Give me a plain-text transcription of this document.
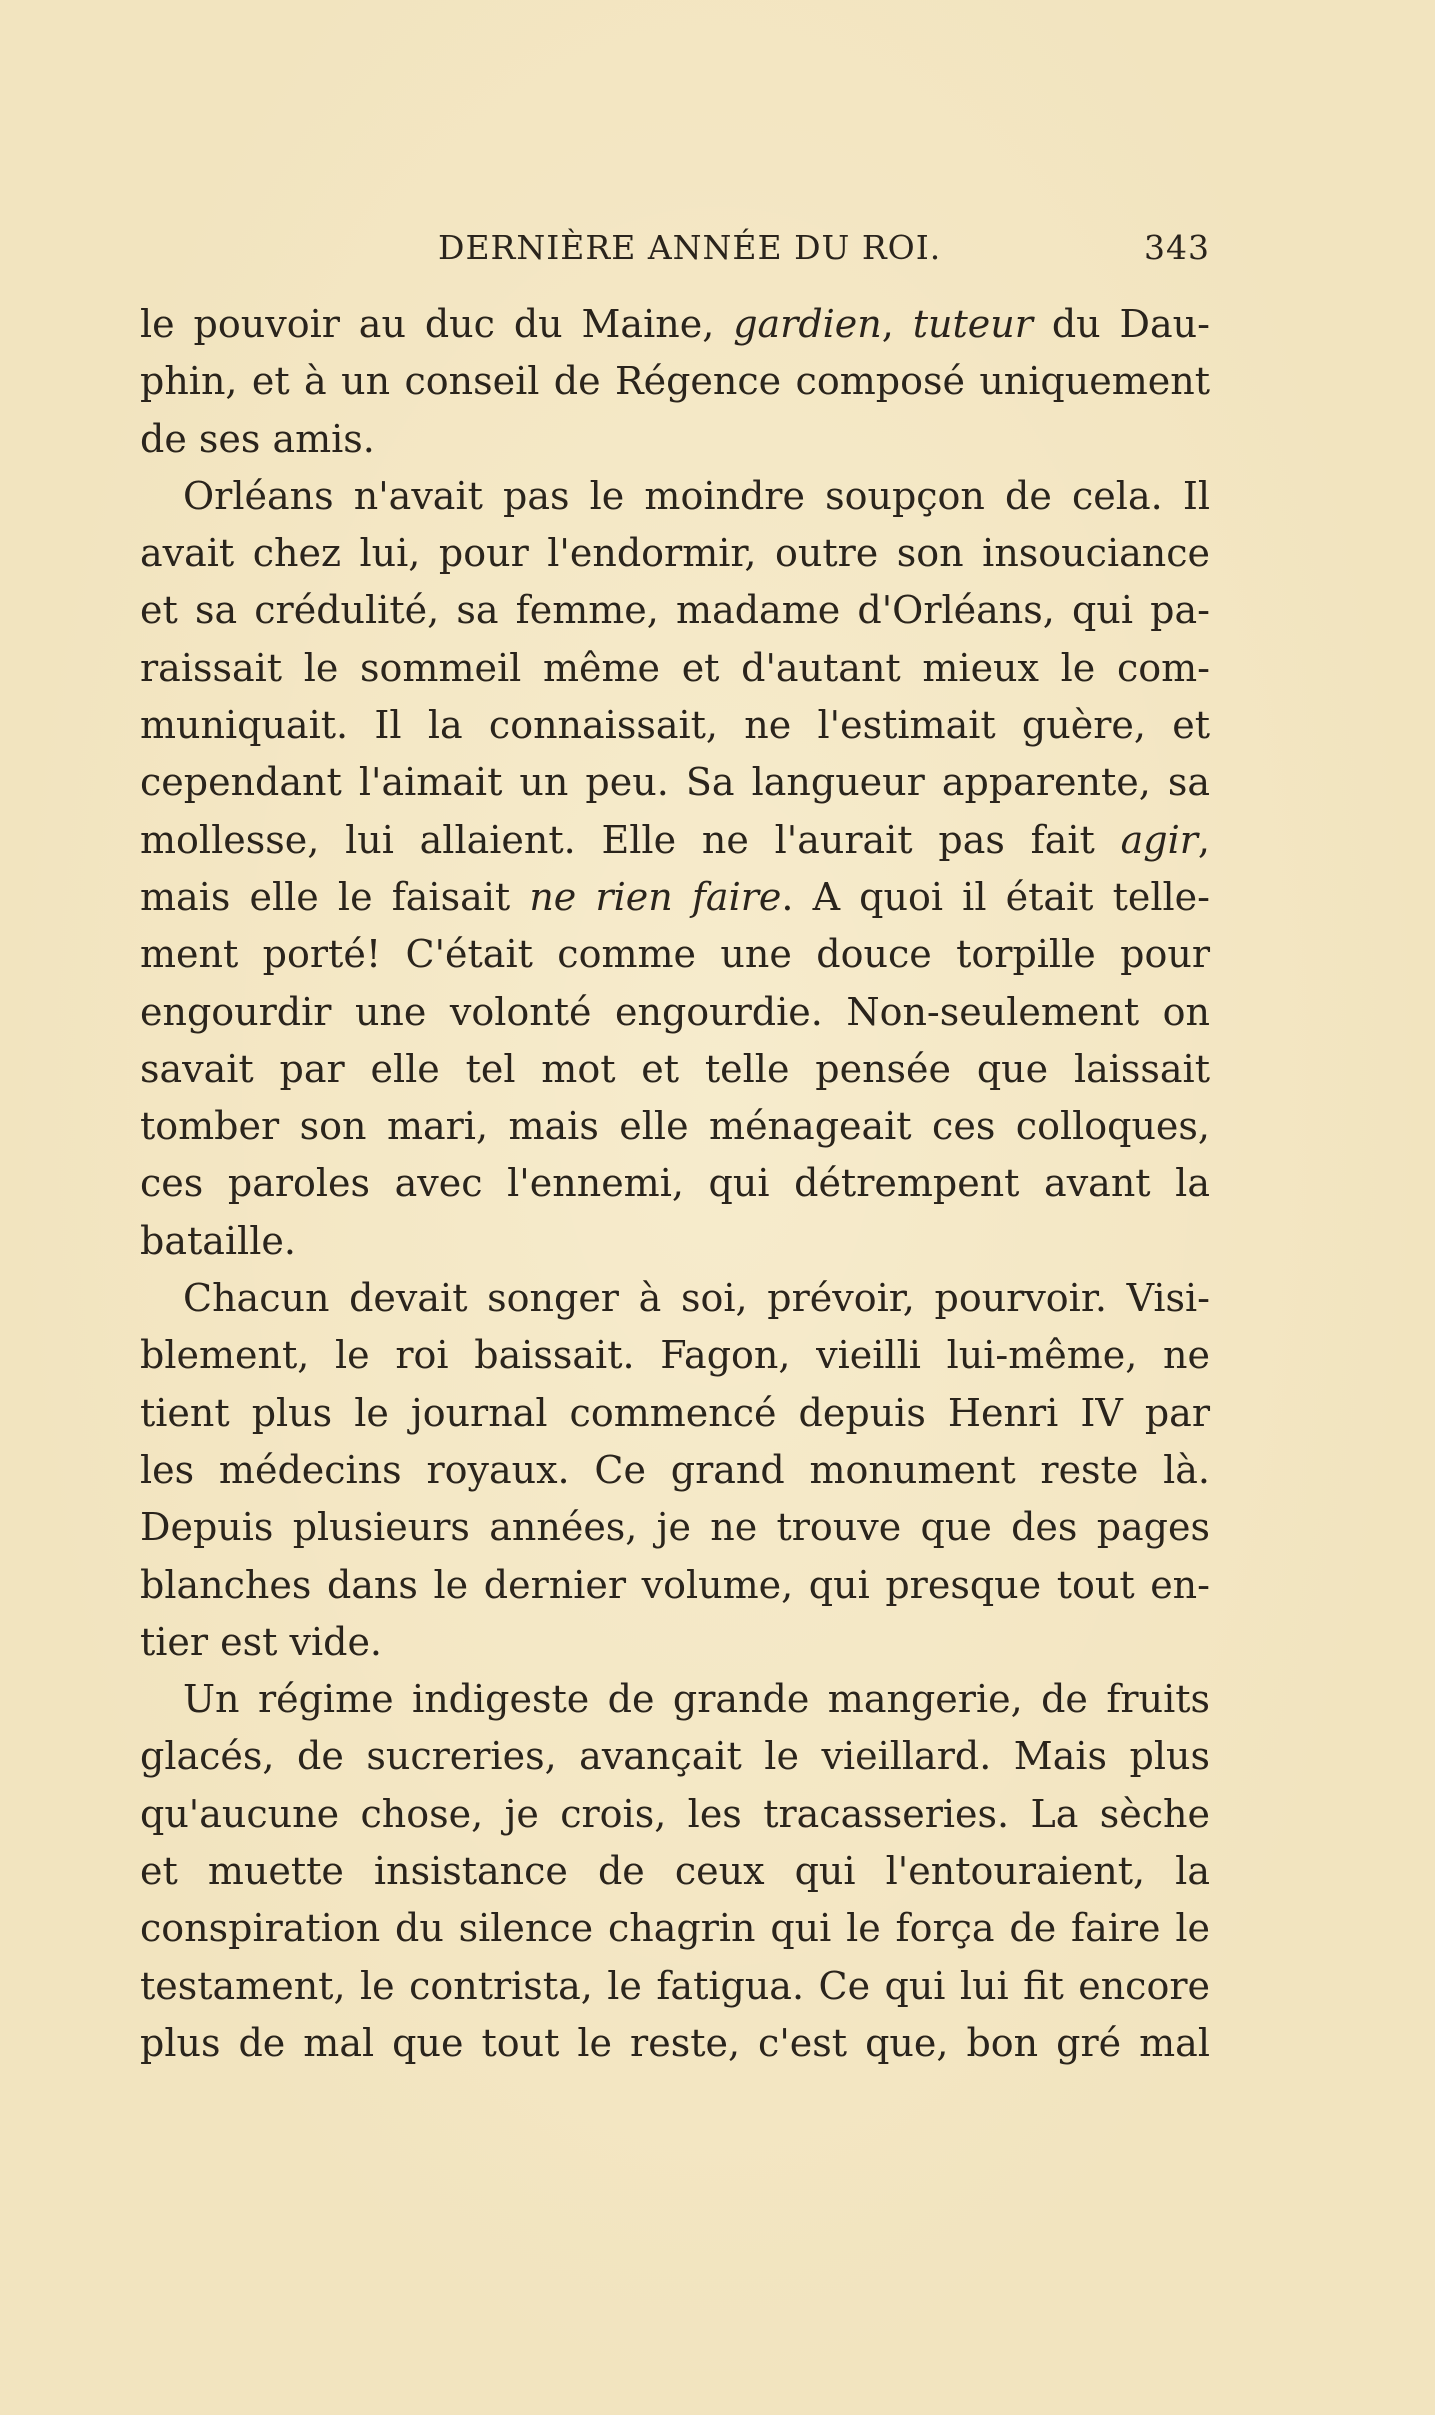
DERNIÈRE ANNÉE DU ROI.	343
le pouvoir au duc du Maine, gardien, tuteur du Dau-
phin, et à un conseil de Régence composé uniquement
de ses amis.
Orléans n'avait pas le moindre soupçon de cela. Il
avait chez lui, pour l'endormir, outre son insouciance
et sa crédulité, sa femme, madame d'Orléans, qui pa-
raissait le sommeil même et d'autant mieux le com-
muniquait. Il la connaissait, ne l'estimait guère, et
cependant l'aimait un peu. Sa langueur apparente, sa
mollesse, lui allaient. Elle ne l'aurait pas fait agir,
mais elle le faisait ne rien faire. A quoi il était telle-
ment porté! C'était comme une douce torpille pour
engourdir une volonté engourdie. Non-seulement on
savait par elle tel mot et telle pensée que laissait
tomber son mari, mais elle ménageait ces colloques,
ces paroles avec l'ennemi, qui détrempent avant la
bataille.
Chacun devait songer à soi, prévoir, pourvoir. Visi-
blement, le roi baissait. Fagon, vieilli lui-même, ne
tient plus le journal commencé depuis Henri IV par
les médecins royaux. Ce grand monument reste là.
Depuis plusieurs années, je ne trouve que des pages
blanches dans le dernier volume, qui presque tout en-
tier est vide.
Un régime indigeste de grande mangerie, de fruits
glacés, de sucreries, avançait le vieillard. Mais plus
qu'aucune chose, je crois, les tracasseries. La sèche
et muette insistance de ceux qui l'entouraient, la
conspiration du silence chagrin qui le força de faire le
testament, le contrista, le fatigua. Ce qui lui fit encore
plus de mal que tout le reste, c'est que, bon gré mal
